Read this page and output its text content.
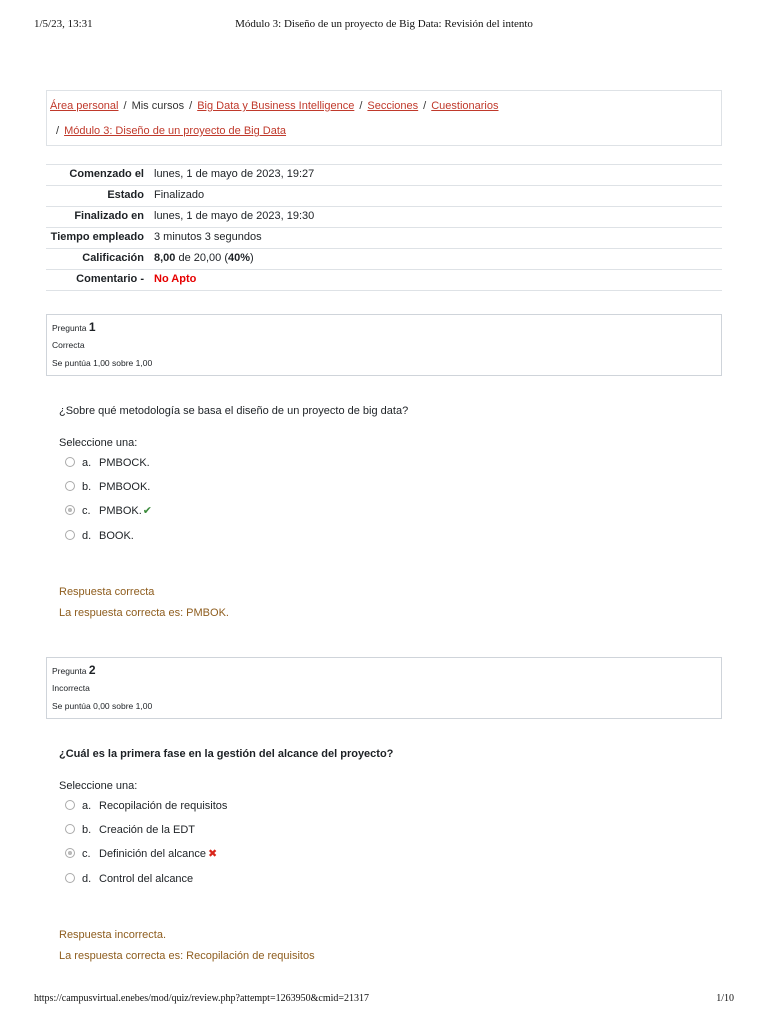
1/5/23, 13:31	Módulo 3: Diseño de un proyecto de Big Data: Revisión del intento
Área personal / Mis cursos / Big Data y Business Intelligence / Secciones / Cuestionarios
/ Módulo 3: Diseño de un proyecto de Big Data
Comenzado el	lunes, 1 de mayo de 2023, 19:27
Estado	Finalizado
Finalizado en	lunes, 1 de mayo de 2023, 19:30
Tiempo empleado	3 minutos 3 segundos
Calificación	8,00 de 20,00 (40%)
Comentario -	No Apto
Pregunta 1
Correcta
Se puntúa 1,00 sobre 1,00
¿Sobre qué metodología se basa el diseño de un proyecto de big data?
Seleccione una:
a. PMBOCK.
b. PMBOOK.
c. PMBOK.✔
d. BOOK.
Respuesta correcta
La respuesta correcta es: PMBOK.
Pregunta 2
Incorrecta
Se puntúa 0,00 sobre 1,00
¿Cuál es la primera fase en la gestión del alcance del proyecto?
Seleccione una:
a. Recopilación de requisitos
b. Creación de la EDT
c. Definición del alcance ✖
d. Control del alcance
Respuesta incorrecta.
La respuesta correcta es: Recopilación de requisitos
https://campusvirtual.enebes/mod/quiz/review.php?attempt=1263950&cmid=21317	1/10
